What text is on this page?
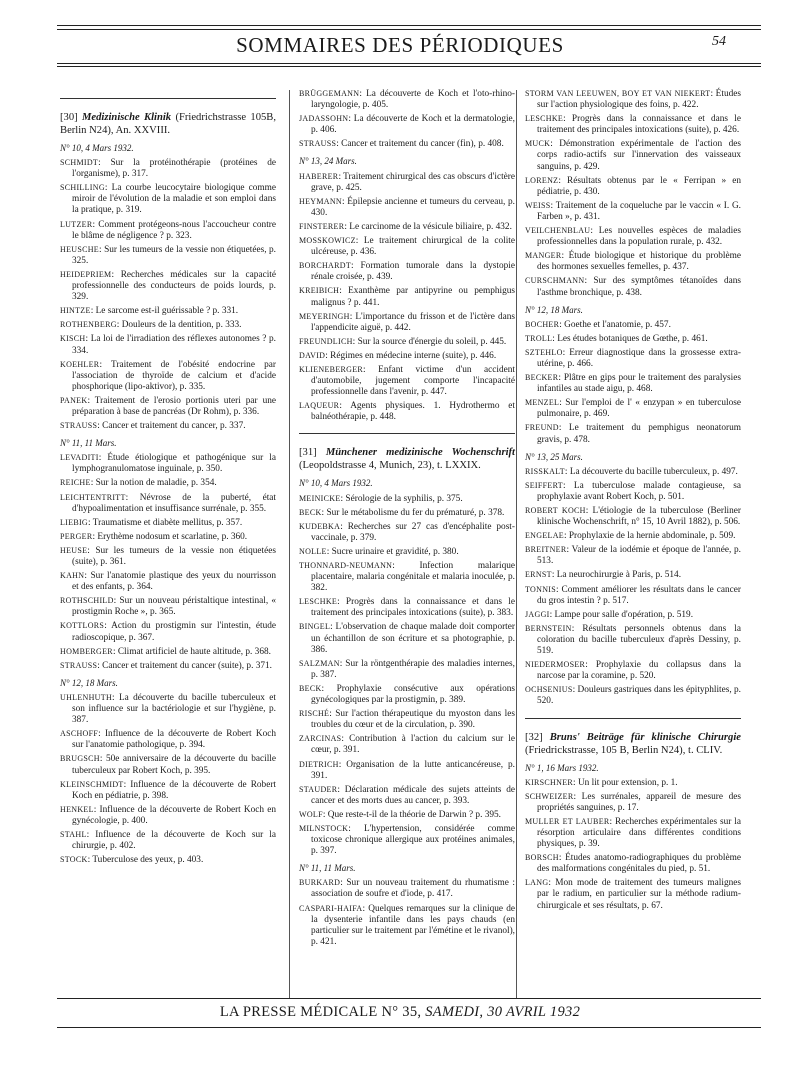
SOMMAIRES DES PÉRIODIQUES	54

[30] Medizinische Klinik (Friedrichstrasse 105B, Berlin N24), An. XXVIII.

N° 10, 4 Mars 1932.

SCHMIDT: Sur la protéinothérapie (protéines de l'organisme), p. 317.

SCHILLING: La courbe leucocytaire biologique comme miroir de l'évolution de la maladie et son emploi dans la pratique, p. 319.

LUTZER: Comment protégeons-nous l'accoucheur contre le blâme de négligence ? p. 323.

HEUSCHE: Sur les tumeurs de la vessie non étiquetées, p. 325.

HEIDEPRIEM: Recherches médicales sur la capacité professionnelle des conducteurs de poids lourds, p. 329.

HINTZE: Le sarcome est-il guérissable ? p. 331.

ROTHENBERG: Douleurs de la dentition, p. 333.

KISCH: La loi de l'irradiation des réflexes autonomes ? p. 334.

KOEHLER: Traitement de l'obésité endocrine par l'association de thyroïde de calcium et d'acide phosphorique (lipo-aktivor), p. 335.

PANEK: Traitement de l'erosio portionis uteri par une préparation à base de pancréas (Dr Rohm), p. 336.

STRAUSS: Cancer et traitement du cancer, p. 337.

N° 11, 11 Mars.

LEVADITI: Étude étiologique et pathogénique sur la lymphogranulomatose inguinale, p. 350.

REICHE: Sur la notion de maladie, p. 354.

LEICHTENTRITT: Névrose de la puberté, état d'hypoalimentation et insuffisance surrénale, p. 355.

LIEBIG: Traumatisme et diabète mellitus, p. 357.

PERGER: Erythème nodosum et scarlatine, p. 360.

HEUSE: Sur les tumeurs de la vessie non étiquetées (suite), p. 361.

KAHN: Sur l'anatomie plastique des yeux du nourrisson et des enfants, p. 364.

ROTHSCHILD: Sur un nouveau péristaltique intestinal, « prostigmin Roche », p. 365.

KOTTLORS: Action du prostigmin sur l'intestin, étude radioscopique, p. 367.

HOMBERGER: Climat artificiel de haute altitude, p. 368.

STRAUSS: Cancer et traitement du cancer (suite), p. 371.

N° 12, 18 Mars.

UHLENHUTH: La découverte du bacille tuberculeux et son influence sur la bactériologie et sur l'hygiène, p. 387.

ASCHOFF: Influence de la découverte de Robert Koch sur l'anatomie pathologique, p. 394.

BRUGSCH: 50e anniversaire de la découverte du bacille tuberculeux par Robert Koch, p. 395.

KLEINSCHMIDT: Influence de la découverte de Robert Koch en pédiatrie, p. 398.

HENKEL: Influence de la découverte de Robert Koch en gynécologie, p. 400.

STAHL: Influence de la découverte de Koch sur la chirurgie, p. 402.

STOCK: Tuberculose des yeux, p. 403.

BRÜGGEMANN: La découverte de Koch et l'oto-rhino-laryngologie, p. 405.

JADASSOHN: La découverte de Koch et la dermatologie, p. 406.

STRAUSS: Cancer et traitement du cancer (fin), p. 408.

N° 13, 24 Mars.

HABERER: Traitement chirurgical des cas obscurs d'ictère grave, p. 425.

HEYMANN: Épilepsie ancienne et tumeurs du cerveau, p. 430.

FINSTERER: Le carcinome de la vésicule biliaire, p. 432.

MOSSKOWICZ: Le traitement chirurgical de la colite ulcéreuse, p. 436.

BORCHARDT: Formation tumorale dans la dystopie rénale croisée, p. 439.

KREIBICH: Exanthème par antipyrine ou pemphigus malignus ? p. 441.

MEYERINGH: L'importance du frisson et de l'ictère dans l'appendicite aiguë, p. 442.

FREUNDLICH: Sur la source d'énergie du soleil, p. 445.

DAVID: Régimes en médecine interne (suite), p. 446.

KLIENEBERGER: Enfant victime d'un accident d'automobile, jugement comporte l'incapacité professionnelle dans l'avenir, p. 447.

LAQUEUR: Agents physiques. 1. Hydrothermo et balnéothérapie, p. 448.

[31] Münchener medizinische Wochenschrift (Leopoldstrasse 4, Munich, 23), t. LXXIX.

N° 10, 4 Mars 1932.

MEINICKE: Sérologie de la syphilis, p. 375.

BECK: Sur le métabolisme du fer du prématuré, p. 378.

KUDEBKA: Recherches sur 27 cas d'encéphalite post-vaccinale, p. 379.

NOLLE: Sucre urinaire et gravidité, p. 380.

THONNARD-NEUMANN: Infection malarique placentaire, malaria congénitale et malaria inoculée, p. 382.

LESCHKE: Progrès dans la connaissance et dans le traitement des principales intoxications (suite), p. 383.

BINGEL: L'observation de chaque malade doit comporter un échantillon de son écriture et sa photographie, p. 386.

SALZMAN: Sur la röntgenthérapie des maladies internes, p. 387.

BECK: Prophylaxie consécutive aux opérations gynécologiques par la prostigmin, p. 389.

RISCHÉ: Sur l'action thérapeutique du myoston dans les troubles du cœur et de la circulation, p. 390.

ZARCINAS: Contribution à l'action du calcium sur le cœur, p. 391.

DIETRICH: Organisation de la lutte anticancéreuse, p. 391.

STAUDER: Déclaration médicale des sujets atteints de cancer et des morts dues au cancer, p. 393.

WOLF: Que reste-t-il de la théorie de Darwin ? p. 395.

MILNSTOCK: L'hypertension, considérée comme toxicose chronique allergique aux protéines animales, p. 397.

N° 11, 11 Mars.

BURKARD: Sur un nouveau traitement du rhumatisme : association de soufre et d'iode, p. 417.

CASPARI-HAIFA: Quelques remarques sur la clinique de la dysenterie infantile dans les pays chauds (en particulier sur le traitement par l'émétine et le rivanol), p. 421.

STORM VAN LEEUWEN, BOY ET VAN NIEKERT: Études sur l'action physiologique des foins, p. 422.

LESCHKE: Progrès dans la connaissance et dans le traitement des principales intoxications (suite), p. 426.

MUCK: Démonstration expérimentale de l'action des corps radio-actifs sur l'innervation des vaisseaux sanguins, p. 429.

LORENZ: Résultats obtenus par le « Ferripan » en pédiatrie, p. 430.

WEISS: Traitement de la coqueluche par le vaccin « I. G. Farben », p. 431.

VEILCHENBLAU: Les nouvelles espèces de maladies professionnelles dans la population rurale, p. 432.

MANGER: Étude biologique et historique du problème des hormones sexuelles femelles, p. 437.

CURSCHMANN: Sur des symptômes tétanoïdes dans l'asthme bronchique, p. 438.

N° 12, 18 Mars.

BOCHER: Goethe et l'anatomie, p. 457.

TROLL: Les études botaniques de Gœthe, p. 461.

SZTEHLO: Erreur diagnostique dans la grossesse extra-utérine, p. 466.

BECKER: Plâtre en gips pour le traitement des paralysies infantiles au stade aigu, p. 468.

MENZEL: Sur l'emploi de l' « enzypan » en tuberculose pulmonaire, p. 469.

FREUND: Le traitement du pemphigus neonatorum gravis, p. 478.

N° 13, 25 Mars.

RISSKALT: La découverte du bacille tuberculeux, p. 497.

SEIFFERT: La tuberculose malade contagieuse, sa prophylaxie avant Robert Koch, p. 501.

ROBERT KOCH: L'étiologie de la tuberculose (Berliner klinische Wochenschrift, n° 15, 10 Avril 1882), p. 506.

ENGELAE: Prophylaxie de la hernie abdominale, p. 509.

BREITNER: Valeur de la iodémie et époque de l'année, p. 513.

ERNST: La neurochirurgie à Paris, p. 514.

TONNIS: Comment améliorer les résultats dans le cancer du gros intestin ? p. 517.

JAGGI: Lampe pour salle d'opération, p. 519.

BERNSTEIN: Résultats personnels obtenus dans la coloration du bacille tuberculeux d'après Dessiny, p. 519.

NIEDERMOSER: Prophylaxie du collapsus dans la narcose par la coramine, p. 520.

OCHSENIUS: Douleurs gastriques dans les épityphlites, p. 520.

[32] Bruns' Beiträge für klinische Chirurgie (Friedrickstrasse, 105 B, Berlin N24), t. CLIV.

N° 1, 16 Mars 1932.

KIRSCHNER: Un lit pour extension, p. 1.

SCHWEIZER: Les surrénales, appareil de mesure des propriétés sanguines, p. 17.

MULLER ET LAUBER: Recherches expérimentales sur la résorption articulaire dans différentes conditions physiques, p. 39.

BORSCH: Études anatomo-radiographiques du problème des malformations congénitales du pied, p. 51.

LANG: Mon mode de traitement des tumeurs malignes par le radium, en particulier sur la méthode radium-chirurgicale et ses résultats, p. 67.

LA PRESSE MÉDICALE N° 35, SAMEDI, 30 AVRIL 1932
